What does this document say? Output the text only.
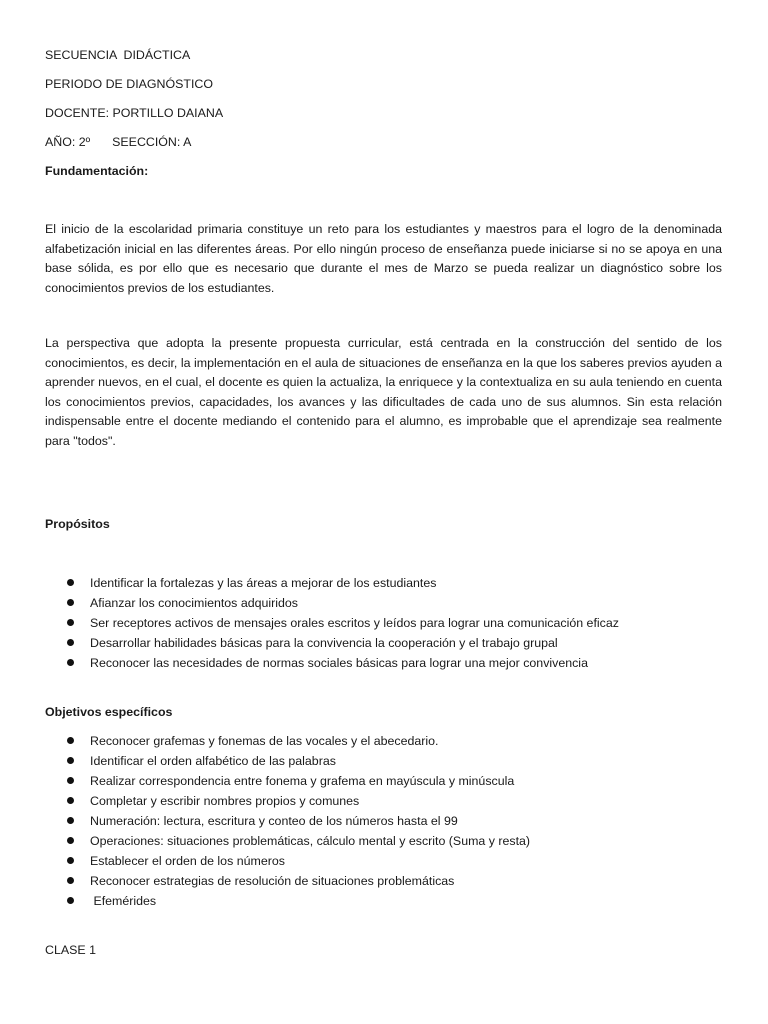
SECUENCIA  DIDÁCTICA
PERIODO DE DIAGNÓSTICO
DOCENTE: PORTILLO DAIANA
AÑO: 2º SEECCIÓN: A
Fundamentación:
El inicio de la escolaridad primaria constituye un reto para los estudiantes y maestros para el logro de la denominada alfabetización inicial en las diferentes áreas. Por ello ningún proceso de enseñanza puede iniciarse si no se apoya en una base sólida, es por ello que es necesario que durante el mes de Marzo se pueda realizar un diagnóstico sobre los conocimientos previos de los estudiantes.
La perspectiva que adopta la presente propuesta curricular, está centrada en la construcción del sentido de los conocimientos, es decir, la implementación en el aula de situaciones de enseñanza en la que los saberes previos ayuden a aprender nuevos, en el cual, el docente es quien la actualiza, la enriquece y la contextualiza en su aula teniendo en cuenta los conocimientos previos, capacidades, los avances y las dificultades de cada uno de sus alumnos. Sin esta relación indispensable entre el docente mediando el contenido para el alumno, es improbable que el aprendizaje sea realmente para "todos".
Propósitos
Identificar la fortalezas y las áreas a mejorar de los estudiantes
Afianzar los conocimientos adquiridos
Ser receptores activos de mensajes orales escritos y leídos para lograr una comunicación eficaz
Desarrollar habilidades básicas para la convivencia la cooperación y el trabajo grupal
Reconocer las necesidades de normas sociales básicas para lograr una mejor convivencia
Objetivos específicos
Reconocer grafemas y fonemas de las vocales y el abecedario.
Identificar el orden alfabético de las palabras
Realizar correspondencia entre fonema y grafema en mayúscula y minúscula
Completar y escribir nombres propios y comunes
Numeración: lectura, escritura y conteo de los números hasta el 99
Operaciones: situaciones problemáticas, cálculo mental y escrito (Suma y resta)
Establecer el orden de los números
Reconocer estrategias de resolución de situaciones problemáticas
Efemérides
CLASE 1
